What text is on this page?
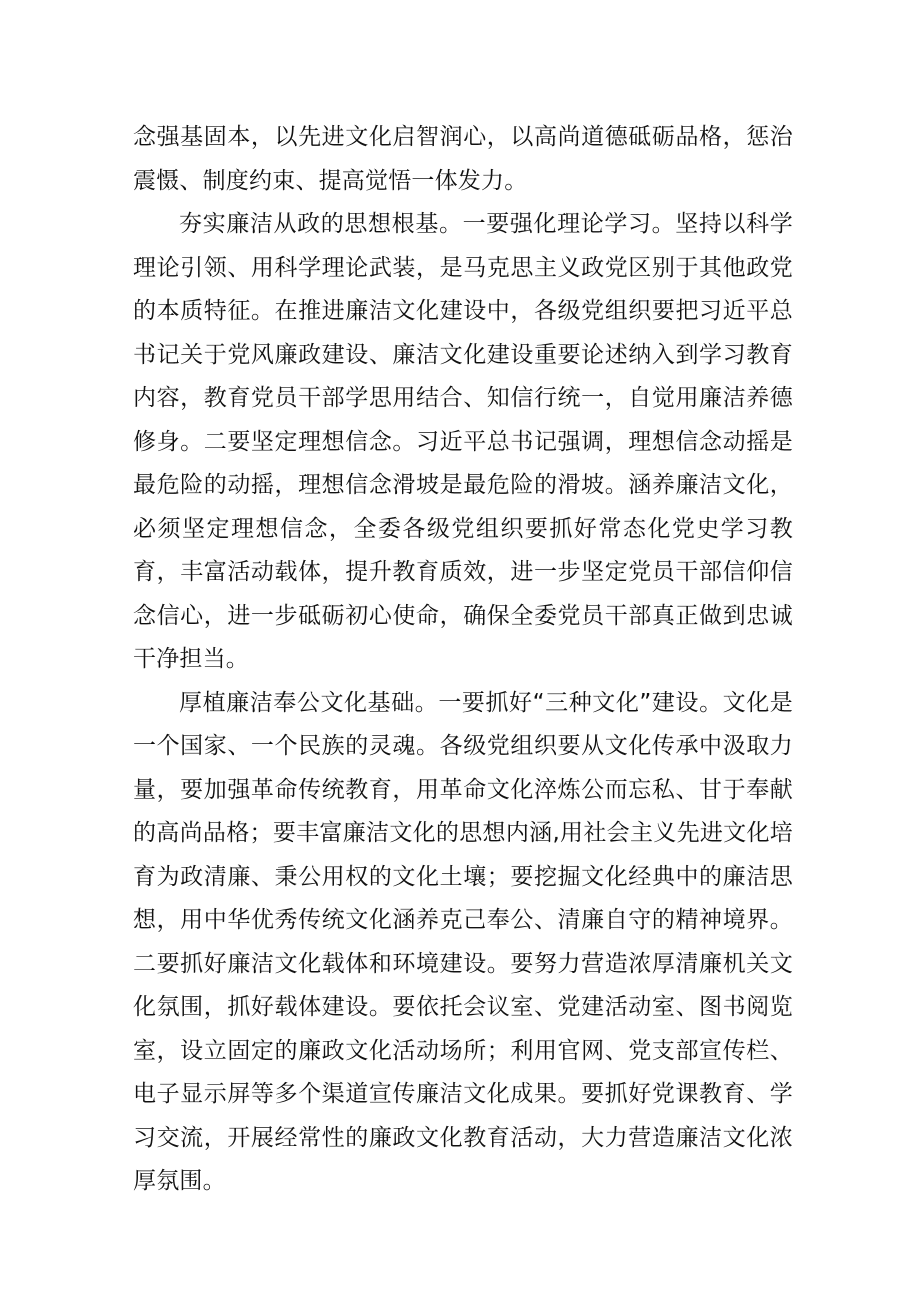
念强基固本，以先进文化启智润心，以高尚道德砥砺品格，惩治震慑、制度约束、提高觉悟一体发力。

夯实廉洁从政的思想根基。一要强化理论学习。坚持以科学理论引领、用科学理论武装，是马克思主义政党区别于其他政党的本质特征。在推进廉洁文化建设中，各级党组织要把习近平总书记关于党风廉政建设、廉洁文化建设重要论述纳入到学习教育内容，教育党员干部学思用结合、知信行统一，自觉用廉洁养德修身。二要坚定理想信念。习近平总书记强调，理想信念动摇是最危险的动摇，理想信念滑坡是最危险的滑坡。涵养廉洁文化，必须坚定理想信念，全委各级党组织要抓好常态化党史学习教育，丰富活动载体，提升教育质效，进一步坚定党员干部信仰信念信心，进一步砥砺初心使命，确保全委党员干部真正做到忠诚干净担当。

厚植廉洁奉公文化基础。一要抓好“三种文化”建设。文化是一个国家、一个民族的灵魂。各级党组织要从文化传承中汲取力量，要加强革命传统教育，用革命文化淬炼公而忘私、甘于奉献的高尚品格；要丰富廉洁文化的思想内涵,用社会主义先进文化培育为政清廉、秉公用权的文化土壤；要挖掘文化经典中的廉洁思想，用中华优秀传统文化涵养克己奉公、清廉自守的精神境界。二要抓好廉洁文化载体和环境建设。要努力营造浓厚清廉机关文化氛围，抓好载体建设。要依托会议室、党建活动室、图书阅览室，设立固定的廉政文化活动场所；利用官网、党支部宣传栏、电子显示屏等多个渠道宣传廉洁文化成果。要抓好党课教育、学习交流，开展经常性的廉政文化教育活动，大力营造廉洁文化浓厚氛围。
